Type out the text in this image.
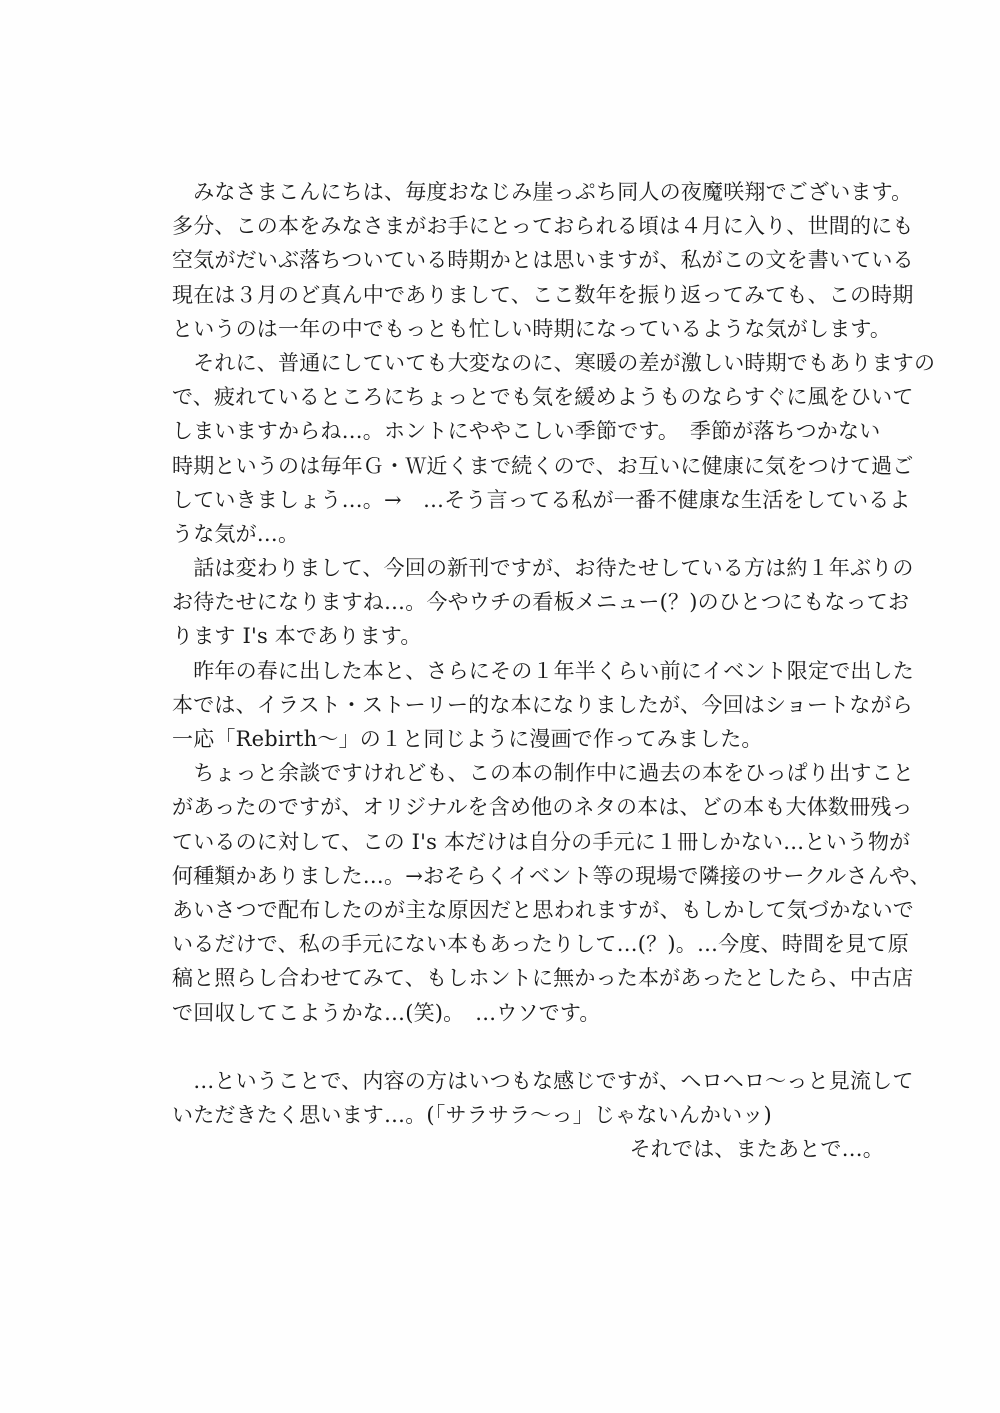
　みなさまこんにちは、毎度おなじみ崖っぷち同人の夜魔咲翔でございます。
多分、この本をみなさまがお手にとっておられる頃は４月に入り、世間的にも
空気がだいぶ落ちついている時期かとは思いますが、私がこの文を書いている
現在は３月のど真ん中でありまして、ここ数年を振り返ってみても、この時期
というのは一年の中でもっとも忙しい時期になっているような気がします。
　それに、普通にしていても大変なのに、寒暖の差が激しい時期でもありますの
で、疲れているところにちょっとでも気を緩めようものならすぐに風をひいて
しまいますからね…。ホントにややこしい季節です。　季節が落ちつかない
時期というのは毎年Ｇ・Ｗ近くまで続くので、お互いに健康に気をつけて過ご
していきましょう…。→　…そう言ってる私が一番不健康な生活をしているよ
うな気が…。
　話は変わりまして、今回の新刊ですが、お待たせしている方は約１年ぶりの
お待たせになりますね…。今やウチの看板メニュー(？)のひとつにもなってお
ります I's 本であります。
　昨年の春に出した本と、さらにその１年半くらい前にイベント限定で出した
本では、イラスト・ストーリー的な本になりましたが、今回はショートながら
一応「Rebirth～」の１と同じように漫画で作ってみました。
　ちょっと余談ですけれども、この本の制作中に過去の本をひっぱり出すこと
があったのですが、オリジナルを含め他のネタの本は、どの本も大体数冊残っ
ているのに対して、この I's 本だけは自分の手元に１冊しかない…という物が
何種類かありました…。→おそらくイベント等の現場で隣接のサークルさんや、
あいさつで配布したのが主な原因だと思われますが、もしかして気づかないで
いるだけで、私の手元にない本もあったりして…(？)。…今度、時間を見て原
稿と照らし合わせてみて、もしホントに無かった本があったとしたら、中古店
で回収してこようかな…(笑)。　…ウソです。
　…ということで、内容の方はいつもな感じですが、ヘロヘロ～っと見流して
いただきたく思います…。(「サラサラ～っ」じゃないんかいッ)
それでは、またあとで…。
